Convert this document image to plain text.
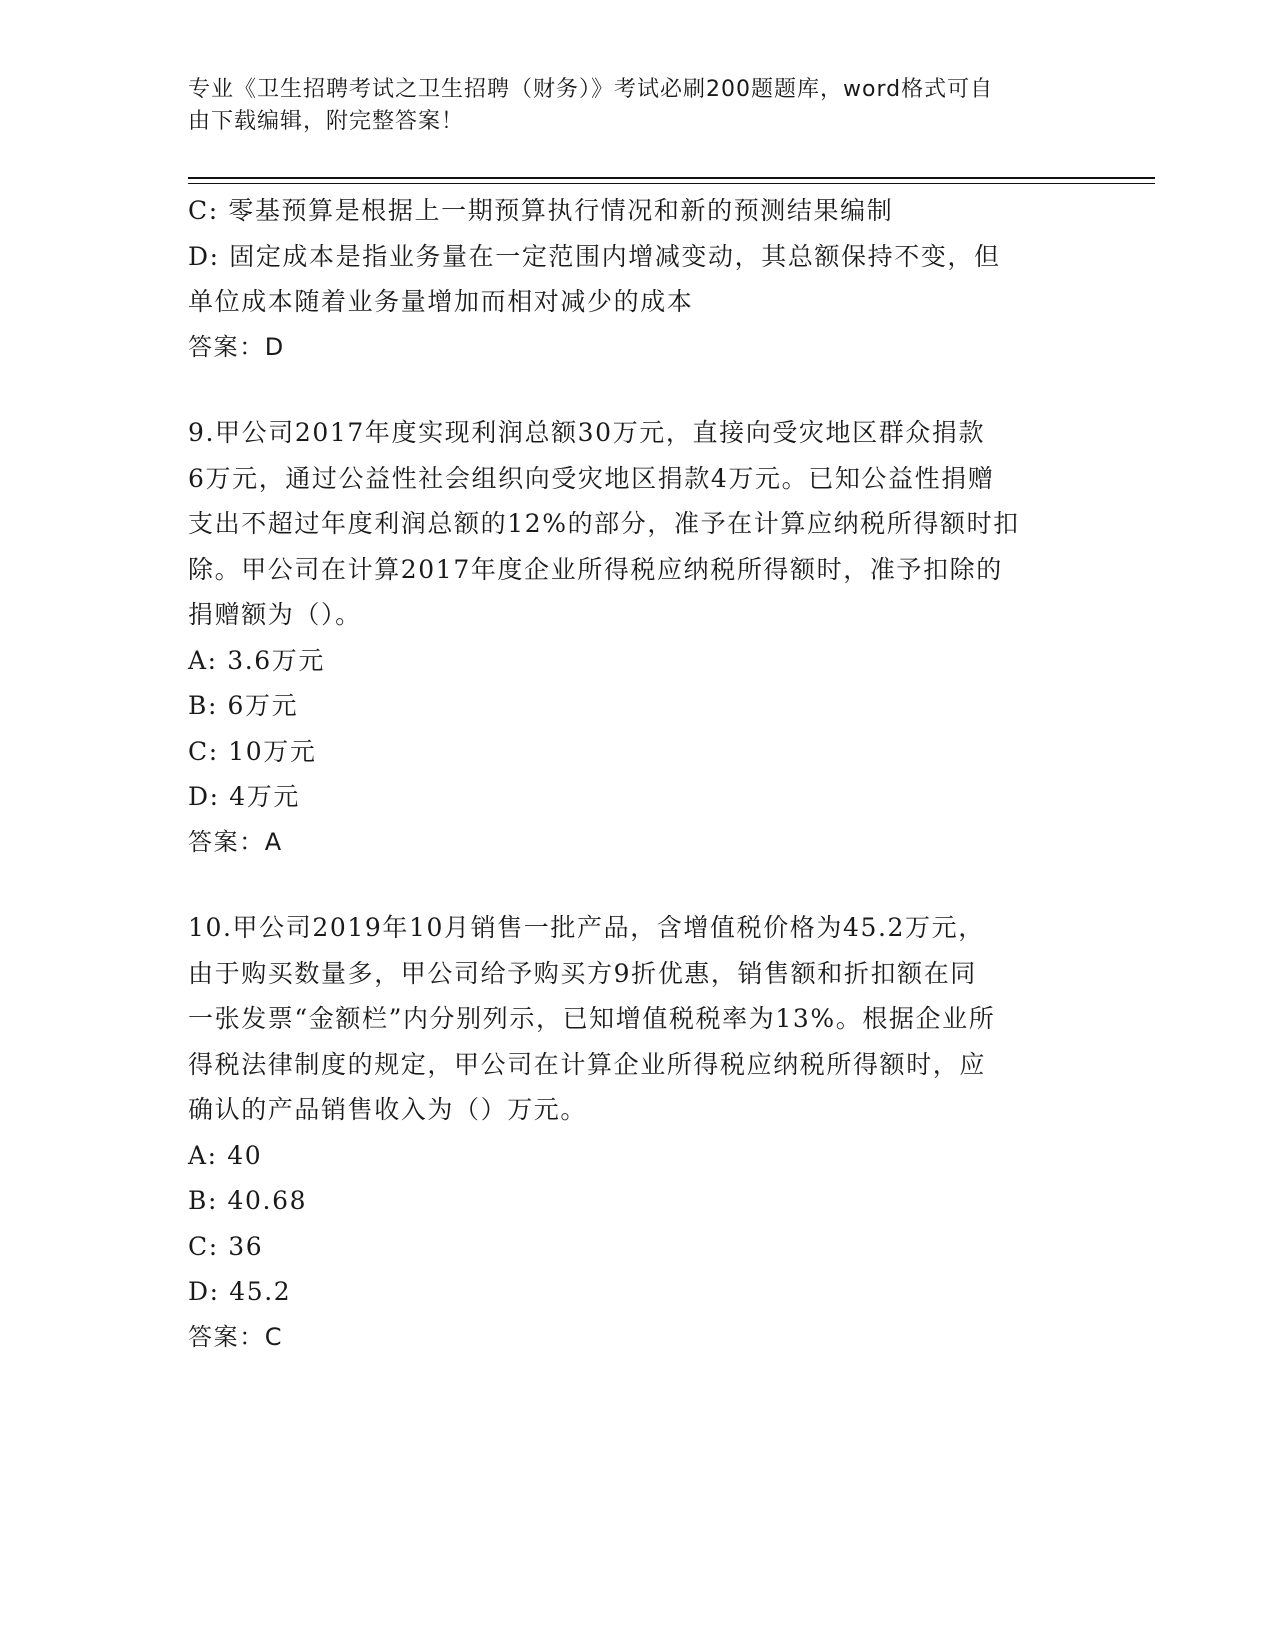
专业《卫生招聘考试之卫生招聘（财务）》考试必刷200题题库，word格式可自
由下载编辑，附完整答案！
C: 零基预算是根据上一期预算执行情况和新的预测结果编制
D: 固定成本是指业务量在一定范围内增减变动，其总额保持不变，但
单位成本随着业务量增加而相对减少的成本
答案：D
9.甲公司2017年度实现利润总额30万元，直接向受灾地区群众捐款
6万元，通过公益性社会组织向受灾地区捐款4万元。已知公益性捐赠
支出不超过年度利润总额的12%的部分，准予在计算应纳税所得额时扣
除。甲公司在计算2017年度企业所得税应纳税所得额时，准予扣除的
捐赠额为（）。
A: 3.6万元
B: 6万元
C: 10万元
D: 4万元
答案：A
10.甲公司2019年10月销售一批产品，含增值税价格为45.2万元，
由于购买数量多，甲公司给予购买方9折优惠，销售额和折扣额在同
一张发票“金额栏”内分别列示，已知增值税税率为13%。根据企业所
得税法律制度的规定，甲公司在计算企业所得税应纳税所得额时，应
确认的产品销售收入为（）万元。
A: 40
B: 40.68
C: 36
D: 45.2
答案：C
